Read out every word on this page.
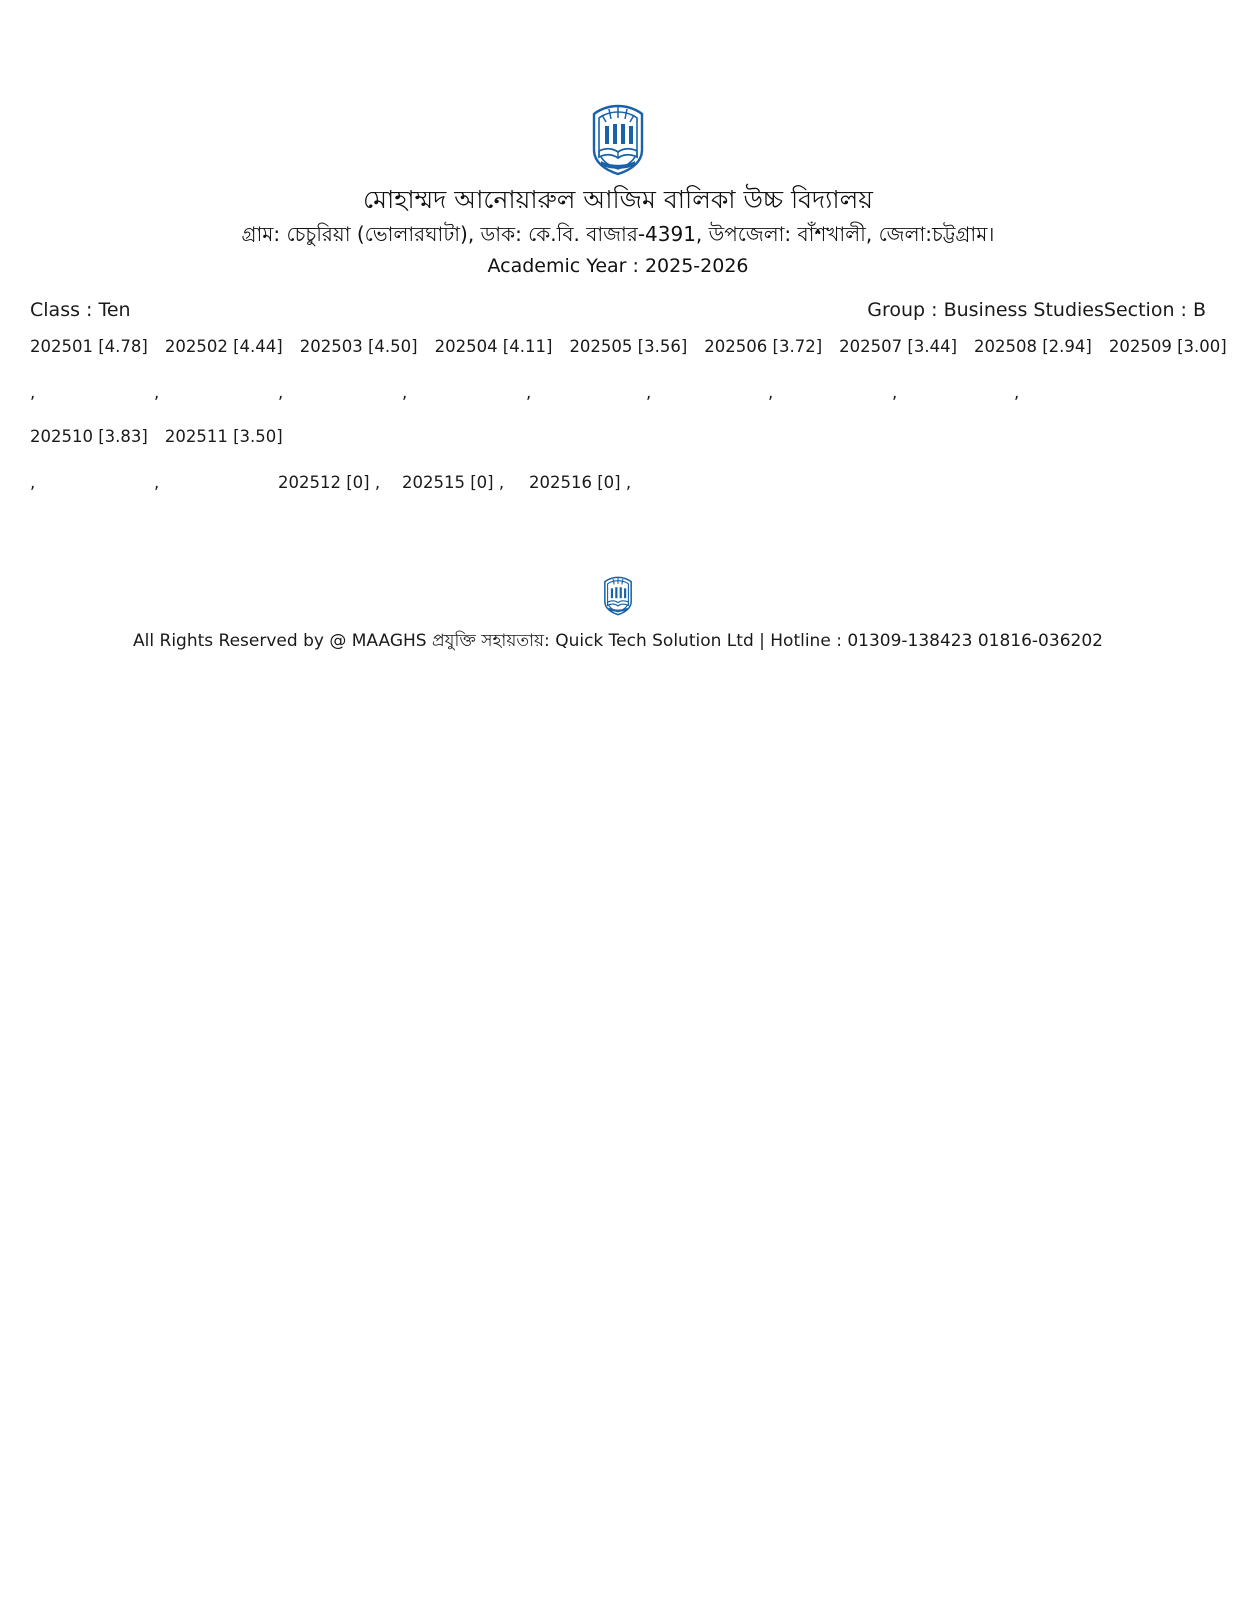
মোহাম্মদ আনোয়ারুল আজিম বালিকা উচ্চ বিদ্যালয়
গ্রাম: চেচুরিয়া (ভোলারঘাটা), ডাক: কে.বি. বাজার-4391, উপজেলা: বাঁশখালী, জেলা:চট্টগ্রাম।
Academic Year : 2025-2026
Class : Ten	Group : Business Studies Section : B
202501 [4.78] 202502 [4.44] 202503 [4.50] 202504 [4.11] 202505 [3.56] 202506 [3.72] 202507 [3.44] 202508 [2.94] 202509 [3.00]
,	,	,	,	,	,	,	,	,
202510 [3.83] 202511 [3.50]
,	,	202512 [0] ,	202515 [0] ,	202516 [0] ,
All Rights Reserved by @ MAAGHS প্রযুক্তি সহায়তায়: Quick Tech Solution Ltd | Hotline : 01309-138423 01816-036202
